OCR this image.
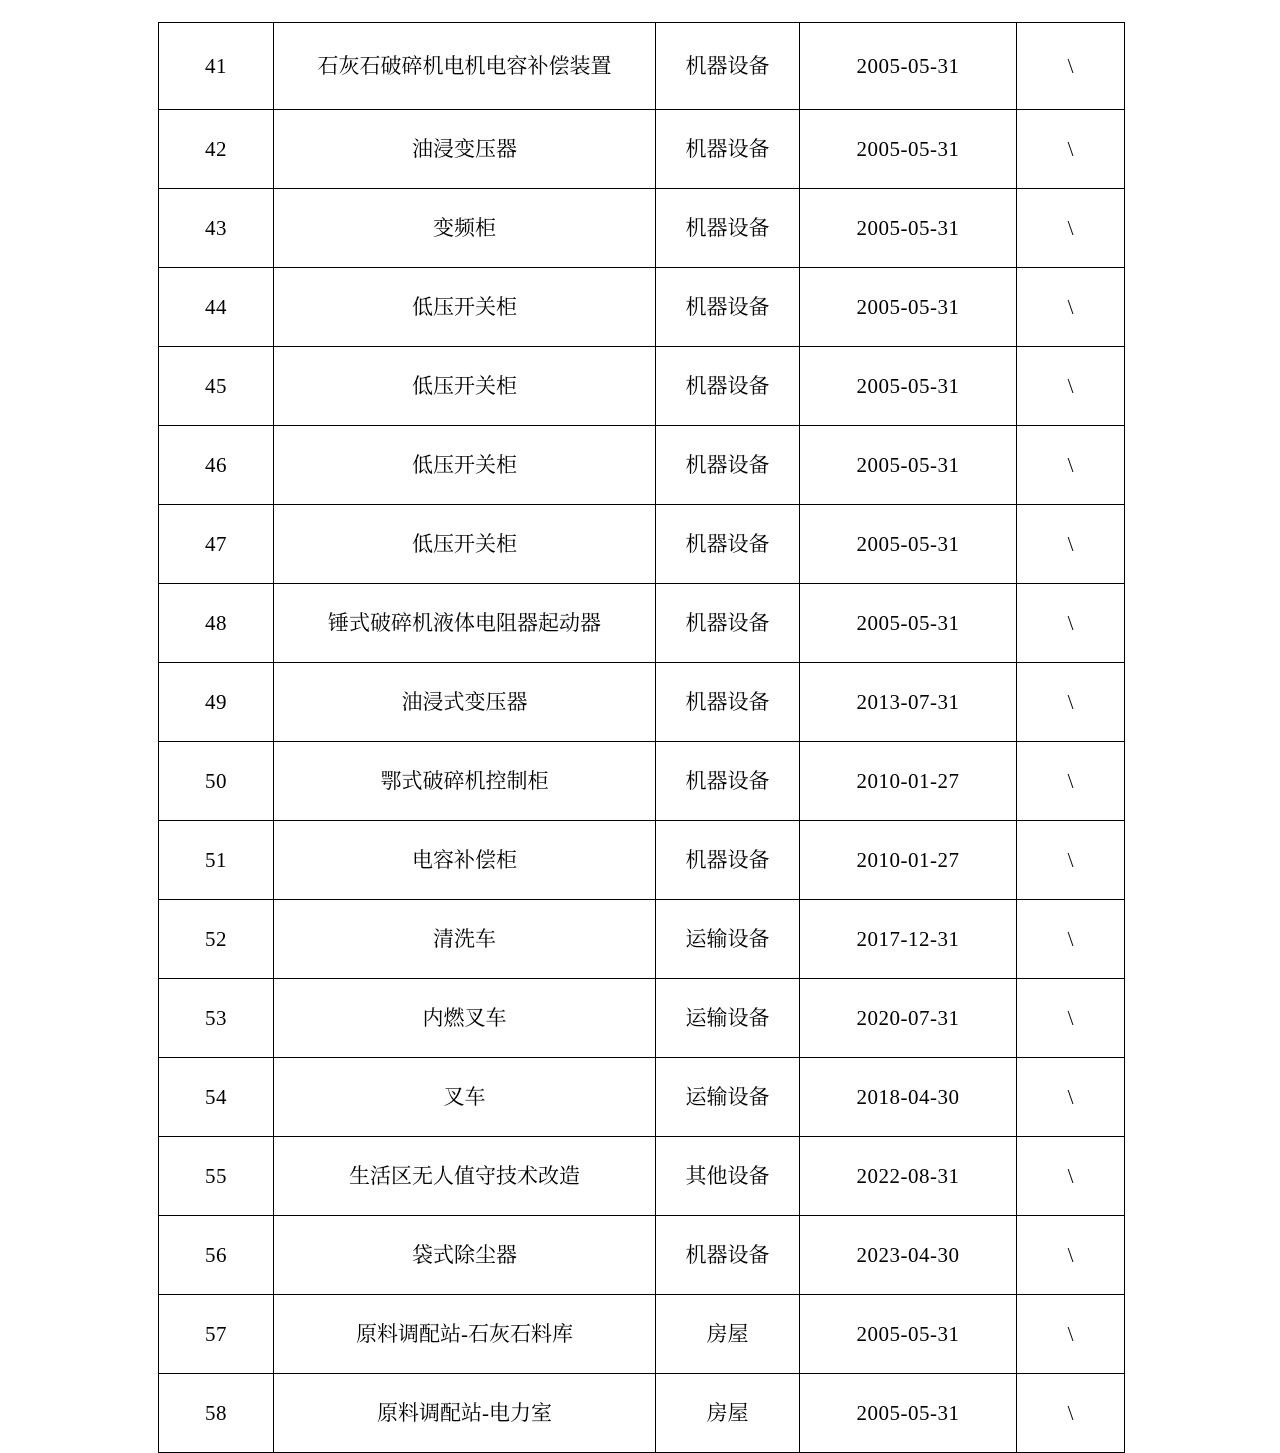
41	石灰石破碎机电机电容补偿装置	机器设备	2005-05-31	\
42	油浸变压器	机器设备	2005-05-31	\
43	变频柜	机器设备	2005-05-31	\
44	低压开关柜	机器设备	2005-05-31	\
45	低压开关柜	机器设备	2005-05-31	\
46	低压开关柜	机器设备	2005-05-31	\
47	低压开关柜	机器设备	2005-05-31	\
48	锤式破碎机液体电阻器起动器	机器设备	2005-05-31	\
49	油浸式变压器	机器设备	2013-07-31	\
50	鄂式破碎机控制柜	机器设备	2010-01-27	\
51	电容补偿柜	机器设备	2010-01-27	\
52	清洗车	运输设备	2017-12-31	\
53	内燃叉车	运输设备	2020-07-31	\
54	叉车	运输设备	2018-04-30	\
55	生活区无人值守技术改造	其他设备	2022-08-31	\
56	袋式除尘器	机器设备	2023-04-30	\
57	原料调配站-石灰石料库	房屋	2005-05-31	\
58	原料调配站-电力室	房屋	2005-05-31	\
